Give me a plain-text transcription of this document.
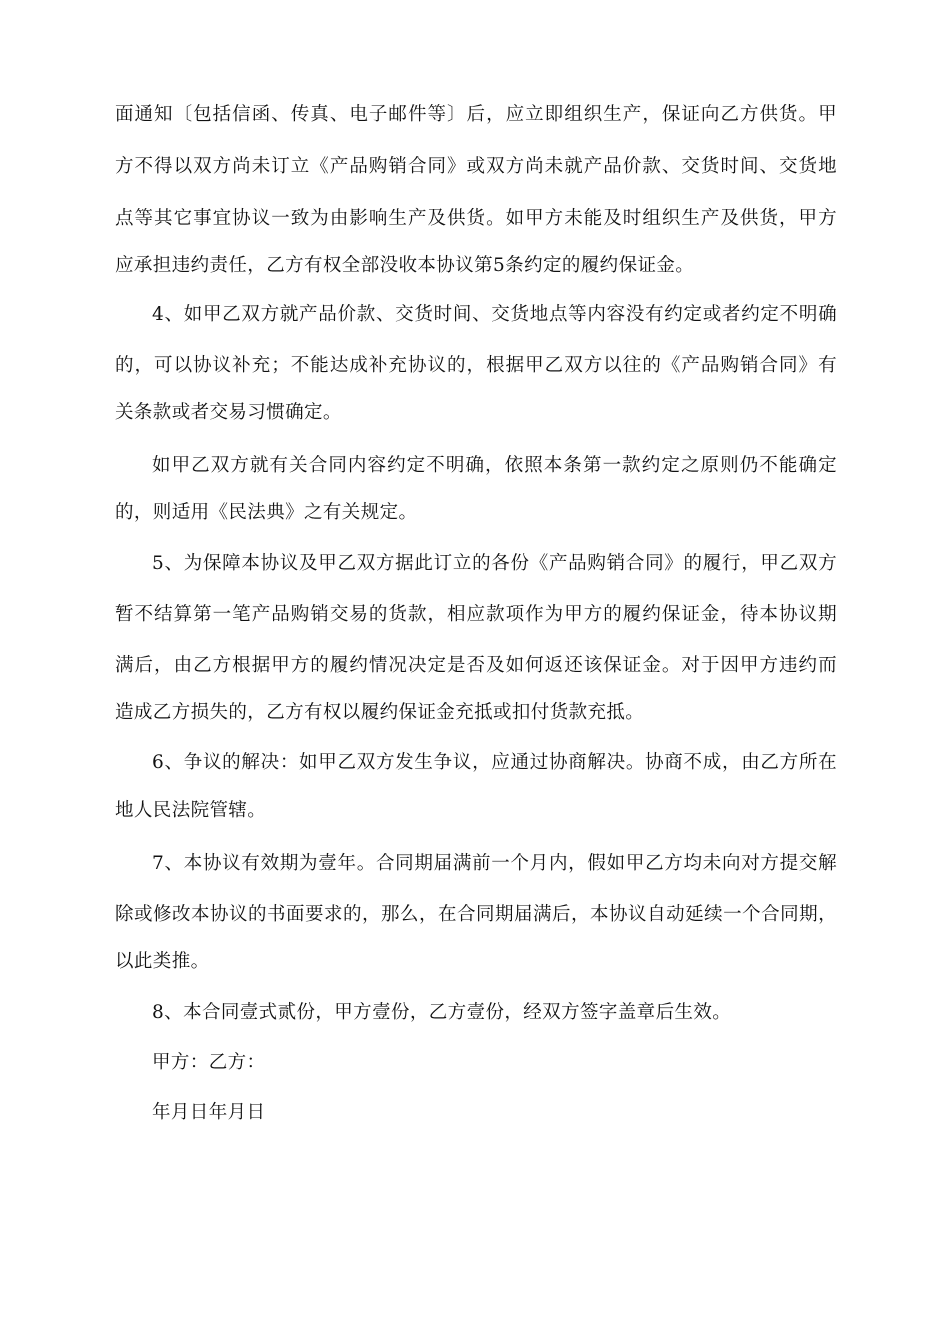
面通知〔包括信函、传真、电子邮件等〕后，应立即组织生产，保证向乙方供货。甲
方不得以双方尚未订立《产品购销合同》或双方尚未就产品价款、交货时间、交货地
点等其它事宜协议一致为由影响生产及供货。如甲方未能及时组织生产及供货，甲方
应承担违约责任，乙方有权全部没收本协议第5条约定的履约保证金。
4、如甲乙双方就产品价款、交货时间、交货地点等内容没有约定或者约定不明确
的，可以协议补充；不能达成补充协议的，根据甲乙双方以往的《产品购销合同》有
关条款或者交易习惯确定。
如甲乙双方就有关合同内容约定不明确，依照本条第一款约定之原则仍不能确定
的，则适用《民法典》之有关规定。
5、为保障本协议及甲乙双方据此订立的各份《产品购销合同》的履行，甲乙双方
暂不结算第一笔产品购销交易的货款，相应款项作为甲方的履约保证金，待本协议期
满后，由乙方根据甲方的履约情况决定是否及如何返还该保证金。对于因甲方违约而
造成乙方损失的，乙方有权以履约保证金充抵或扣付货款充抵。
6、争议的解决：如甲乙双方发生争议，应通过协商解决。协商不成，由乙方所在
地人民法院管辖。
7、本协议有效期为壹年。合同期届满前一个月内，假如甲乙方均未向对方提交解
除或修改本协议的书面要求的，那么，在合同期届满后，本协议自动延续一个合同期，
以此类推。
8、本合同壹式贰份，甲方壹份，乙方壹份，经双方签字盖章后生效。
甲方：乙方：
年月日年月日
